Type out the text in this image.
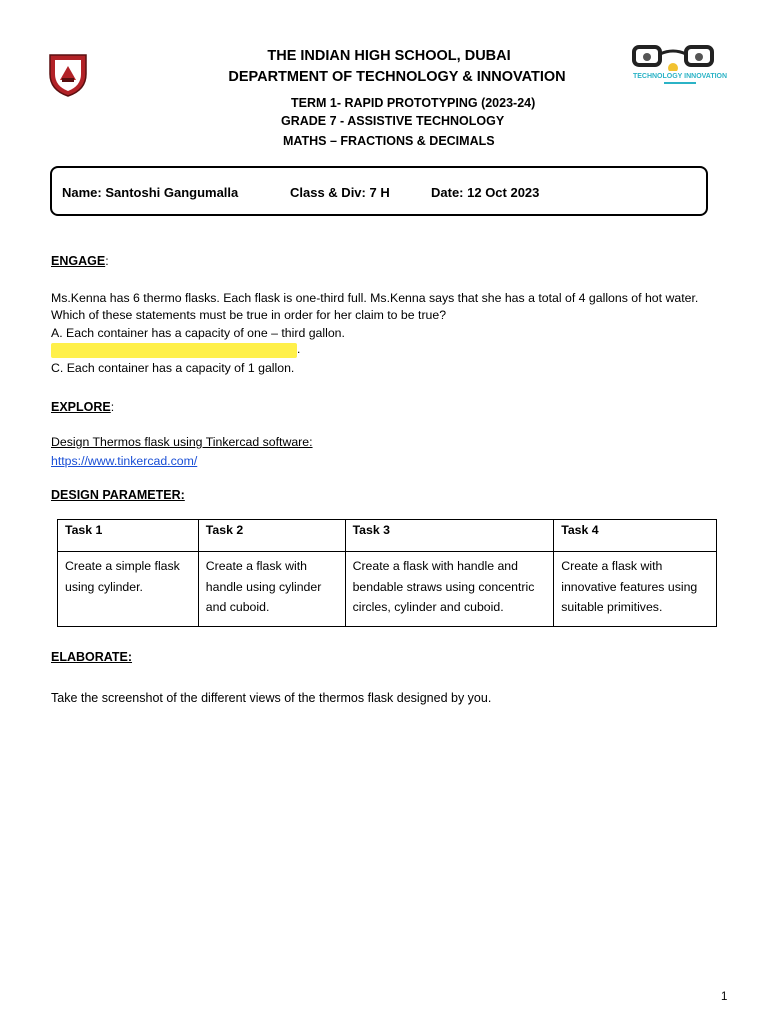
TECHNOLOGY INNOVATION
THE INDIAN HIGH SCHOOL, DUBAI
DEPARTMENT OF TECHNOLOGY & INNOVATION
TERM 1- RAPID PROTOTYPING (2023-24)
GRADE 7 - ASSISTIVE TECHNOLOGY
MATHS – FRACTIONS & DECIMALS
Name: Santoshi Gangumalla	Class & Div: 7 H	Date: 12 Oct 2023
ENGAGE:
Ms.Kenna has 6 thermo flasks. Each flask is one-third full. Ms.Kenna says that she has a total of 4 gallons of hot water.
Which of these statements must be true in order for her claim to be true?
A. Each container has a capacity of one – third gallon.
.
C. Each container has a capacity of 1 gallon.
EXPLORE:
Design Thermos flask using Tinkercad software:
https://www.tinkercad.com/
DESIGN PARAMETER:
Task 1	Task 2	Task 3	Task 4
Create a simple flask using cylinder.	Create a flask with handle using cylinder and cuboid.	Create a flask with handle and bendable straws using concentric circles, cylinder and cuboid.	Create a flask with innovative features using suitable primitives.
ELABORATE:
Take the screenshot of the different views of the thermos flask designed by you.
1
